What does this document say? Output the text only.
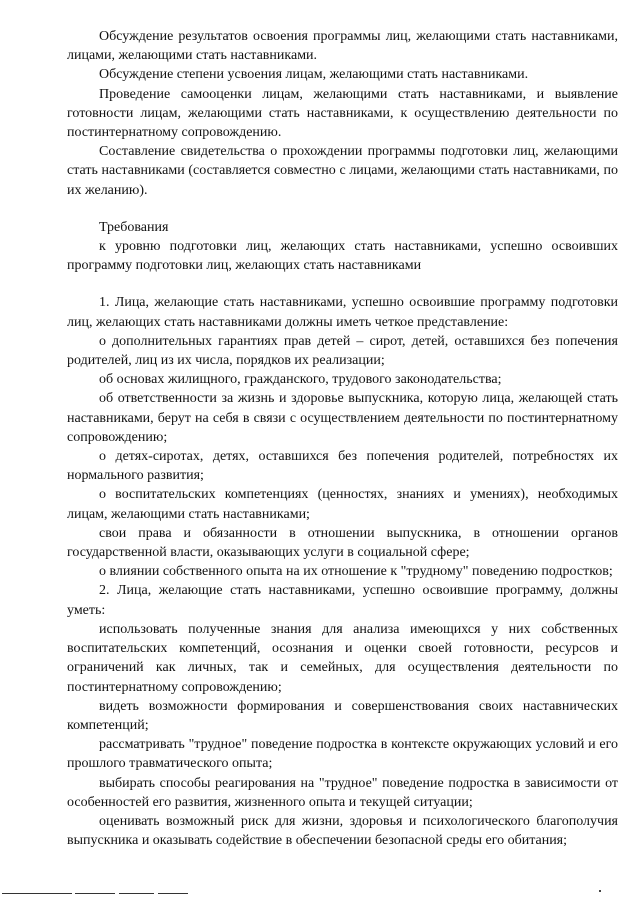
Обсуждение результатов освоения программы лиц, желающими стать наставниками, лицами, желающими стать наставниками.

Обсуждение степени усвоения лицам, желающими стать наставниками.

Проведение самооценки лицам, желающими стать наставниками, и выявление готовности лицам, желающими стать наставниками, к осуществлению деятельности по постинтернатному сопровождению.

Составление свидетельства о прохождении программы подготовки лиц, желающими стать наставниками (составляется совместно с лицами, желающими стать наставниками, по их желанию).

Требования

к уровню подготовки лиц, желающих стать наставниками, успешно освоивших программу подготовки лиц, желающих стать наставниками

1. Лица, желающие стать наставниками, успешно освоившие программу подготовки лиц, желающих стать наставниками должны иметь четкое представление:

о дополнительных гарантиях прав детей – сирот, детей, оставшихся без попечения родителей, лиц из их числа, порядков их реализации;

об основах жилищного, гражданского, трудового законодательства;

об ответственности за жизнь и здоровье выпускника, которую лица, желающей стать наставниками, берут на себя в связи с осуществлением деятельности по постинтернатному сопровождению;

о детях-сиротах, детях, оставшихся без попечения родителей, потребностях их нормального развития;

о воспитательских компетенциях (ценностях, знаниях и умениях), необходимых лицам, желающими стать наставниками;

свои права и обязанности в отношении выпускника, в отношении органов государственной власти, оказывающих услуги в социальной сфере;

о влиянии собственного опыта на их отношение к "трудному" поведению подростков;

2. Лица, желающие стать наставниками, успешно освоившие программу, должны уметь:

использовать полученные знания для анализа имеющихся у них собственных воспитательских компетенций, осознания и оценки своей готовности, ресурсов и ограничений как личных, так и семейных, для осуществления деятельности по постинтернатному сопровождению;

видеть возможности формирования и совершенствования своих наставнических компетенций;

рассматривать "трудное" поведение подростка в контексте окружающих условий и его прошлого травматического опыта;

выбирать способы реагирования на "трудное" поведение подростка в зависимости от особенностей его развития, жизненного опыта и текущей ситуации;

оценивать возможный риск для жизни, здоровья и психологического благополучия выпускника и оказывать содействие в обеспечении безопасной среды его обитания;
